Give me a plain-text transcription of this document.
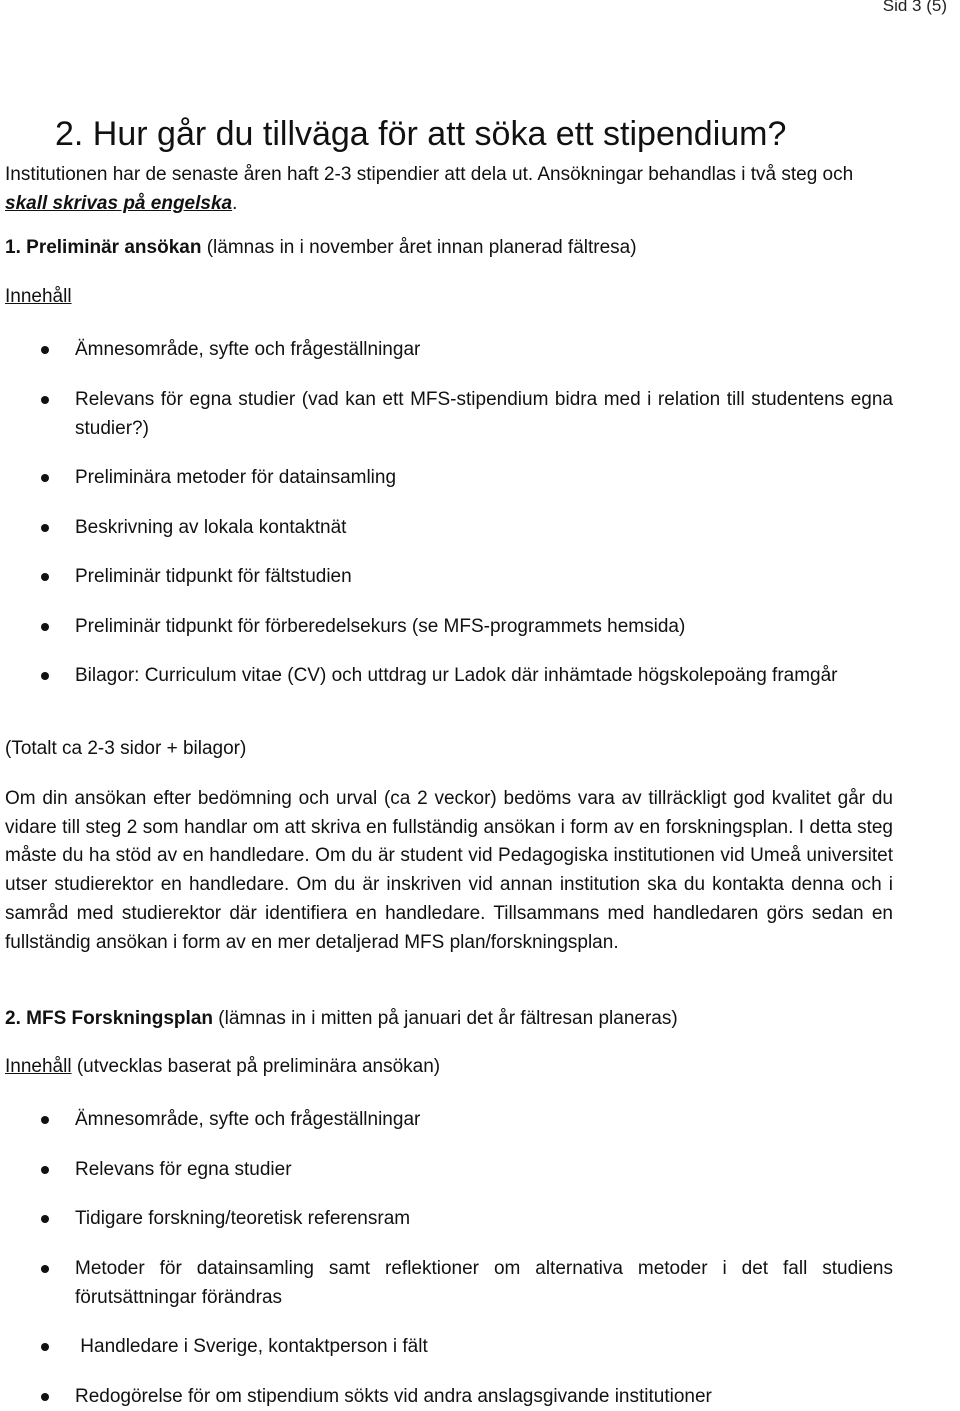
Sid 3 (5)
2. Hur går du tillväga för att söka ett stipendium?
Institutionen har de senaste åren haft 2-3 stipendier att dela ut. Ansökningar behandlas i två steg och skall skrivas på engelska.
1. Preliminär ansökan (lämnas in i november året innan planerad fältresa)
Innehåll
Ämnesområde, syfte och frågeställningar
Relevans för egna studier (vad kan ett MFS-stipendium bidra med i relation till studentens egna studier?)
Preliminära metoder för datainsamling
Beskrivning av lokala kontaktnät
Preliminär tidpunkt för fältstudien
Preliminär tidpunkt för förberedelsekurs (se MFS-programmets hemsida)
Bilagor: Curriculum vitae (CV) och uttdrag ur Ladok där inhämtade högskolepoäng framgår
(Totalt ca 2-3 sidor + bilagor)
Om din ansökan efter bedömning och urval (ca 2 veckor) bedöms vara av tillräckligt god kvalitet går du vidare till steg 2 som handlar om att skriva en fullständig ansökan i form av en forskningsplan. I detta steg måste du ha stöd av en handledare. Om du är student vid Pedagogiska institutionen vid Umeå universitet utser studierektor en handledare. Om du är inskriven vid annan institution ska du kontakta denna och i samråd med studierektor där identifiera en handledare. Tillsammans med handledaren görs sedan en fullständig ansökan i form av en mer detaljerad MFS plan/forskningsplan.
2. MFS Forskningsplan (lämnas in i mitten på januari det år fältresan planeras)
Innehåll (utvecklas baserat på preliminära ansökan)
Ämnesområde, syfte och frågeställningar
Relevans för egna studier
Tidigare forskning/teoretisk referensram
Metoder för datainsamling samt reflektioner om alternativa metoder i det fall studiens förutsättningar förändras
Handledare i Sverige, kontaktperson i fält
Redogörelse för om stipendium sökts vid andra anslagsgivande institutioner
